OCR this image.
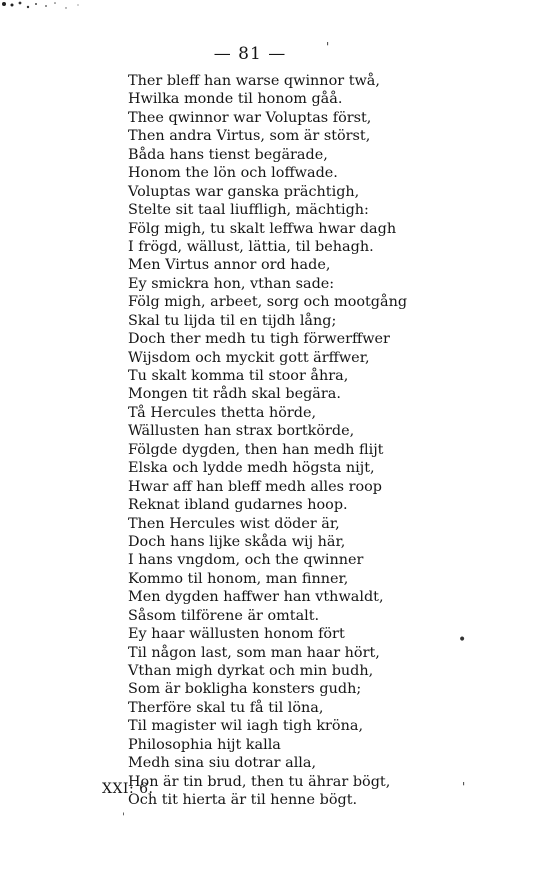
— 81 —
Ther bleff han warse qwinnor twå,
Hwilka monde til honom gåå.
Thee qwinnor war Voluptas först,
Then andra Virtus, som är störst,
Båda hans tienst begärade,
Honom the lön och loffwade.
Voluptas war ganska prächtigh,
Stelte sit taal liuffligh, mächtigh:
Fölg migh, tu skalt leffwa hwar dagh
I frögd, wällust, lättia, til behagh.
Men Virtus annor ord hade,
Ey smickra hon, vthan sade:
Fölg migh, arbeet, sorg och mootgång
Skal tu lijda til en tijdh lång;
Doch ther medh tu tigh förwerffwer
Wijsdom och myckit gott ärffwer,
Tu skalt komma til stoor åhra,
Mongen tit rådh skal begära.
Tå Hercules thetta hörde,
Wällusten han strax bortkörde,
Fölgde dygden, then han medh flijt
Elska och lydde medh högsta nijt,
Hwar aff han bleff medh alles roop
Reknat ibland gudarnes hoop.
Then Hercules wist döder är,
Doch hans lijke skåda wij här,
I hans vngdom, och the qwinner
Kommo til honom, man finner,
Men dygden haffwer han vthwaldt,
Såsom tilförene är omtalt.
Ey haar wällusten honom fört
Til någon last, som man haar hört,
Vthan migh dyrkat och min budh,
Som är bokligha konsters gudh;
Therföre skal tu få til löna,
Til magister wil iagh tigh kröna,
Philosophia hijt kalla
Medh sina siu dotrar alla,
Hon är tin brud, then tu ährar bögt,
Och tit hierta är til henne bögt.
XXI: 6.
'
•
'
'
